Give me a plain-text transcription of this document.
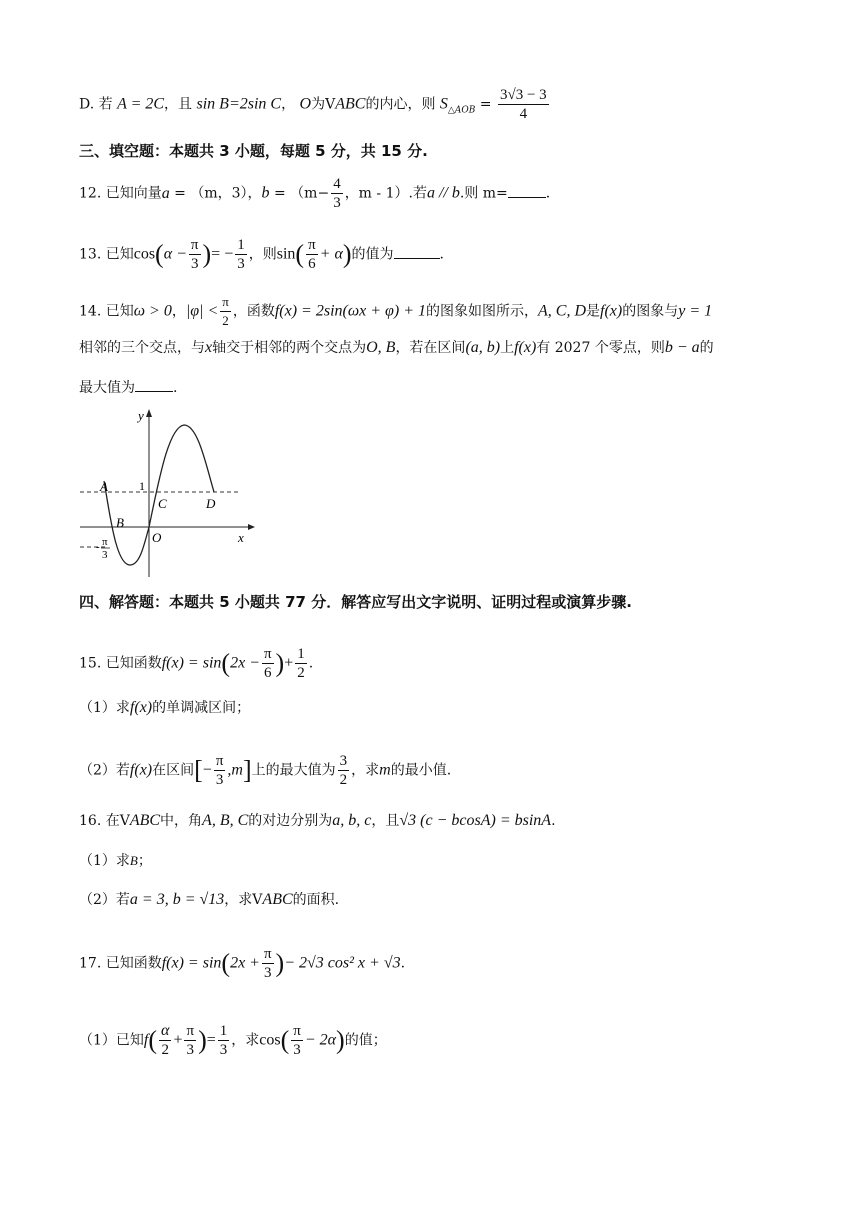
D. 若 A = 2C，且 sin B=2sin C， O为VABC的内心，则 $S_{\triangle AOB} = \frac{3√3 - 3}{4}$
三、填空题：本题共 3 小题，每题 5 分，共 15 分.
12. 已知向量a = （m，3），$b = (m- \frac{4}{3}$ ，m - 1）.若a // b.则 m=	.
13. 已知$\cos(\alpha - \frac{\pi}{3}$ )= − $\frac{1}{3}$ ，则$\sin( \frac{\pi}{6} + \alpha)$的值为	.
14. 已知ω > 0，$|\varphi| < \frac{\pi}{2}$ ，函数f(x) = 2sin(ωx + φ) + 1的图象如图所示，A, C, D是f(x)的图象与y = 1
相邻的三个交点，与x轴交于相邻的两个交点为O, B，若在区间(a, b)上f(x)有 2027 个零点，则b − a的
最大值为	.
y
x
A	1
C	D
B
O
- π
3
四、解答题：本题共 5 小题共 77 分．解答应写出文字说明、证明过程或演算步骤.
15. 已知函数$f(x) = \sin(2x - \frac{\pi}{6}$ )+ $\frac{1}{2}$ .
（1）求f(x)的单调减区间；
（2）若f(x)在区间[− $\frac{\pi}{3} ,m$]上的最大值为 $\frac{3}{2}$ ，求m的最小值.
16. 在VABC中，角A, B, C的对边分别为a, b, c，且√3 (c − bcosA) = bsinA.
（1）求B；
（2）若a = 3, b = √13，求VABC的面积.
17. 已知函数$f(x) = \sin(2x + \frac{\pi}{3}$ )− 2√3 cos² x + √3.
（1）已知$f( \frac{\alpha}{2} + \frac{\pi}{3}$ )= $\frac{1}{3}$ ，求$\cos( \frac{\pi}{3} - 2\alpha)$的值；
